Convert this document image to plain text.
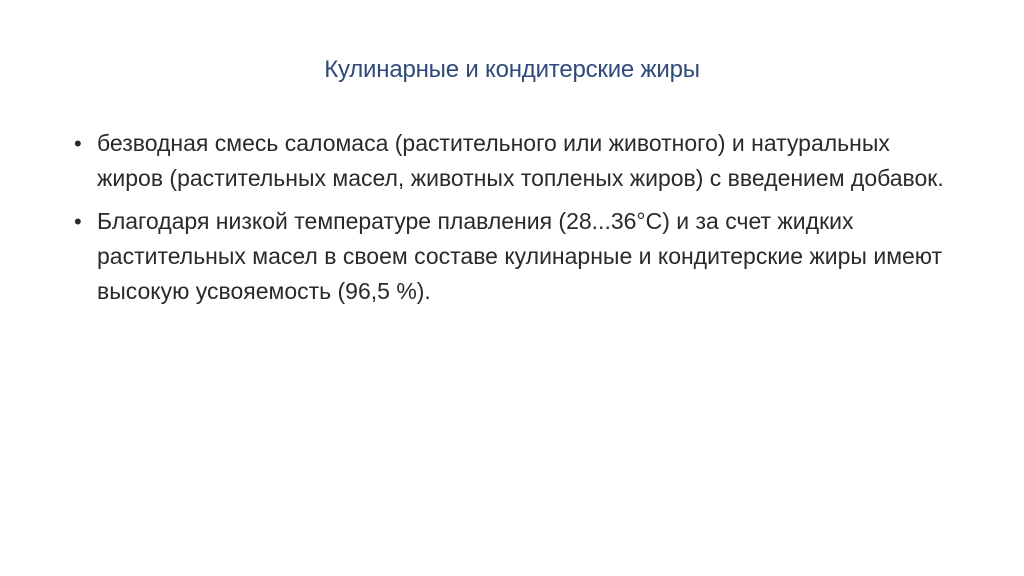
Кулинарные и кондитерские жиры
• безводная смесь саломаса (растительного или животного) и натуральных жиров (растительных масел, животных топленых жиров) с введением добавок.
• Благодаря низкой температуре плавления (28...36°С) и за счет жидких растительных масел в своем составе кулинарные и кондитерские жиры имеют высокую усвояемость (96,5 %).
